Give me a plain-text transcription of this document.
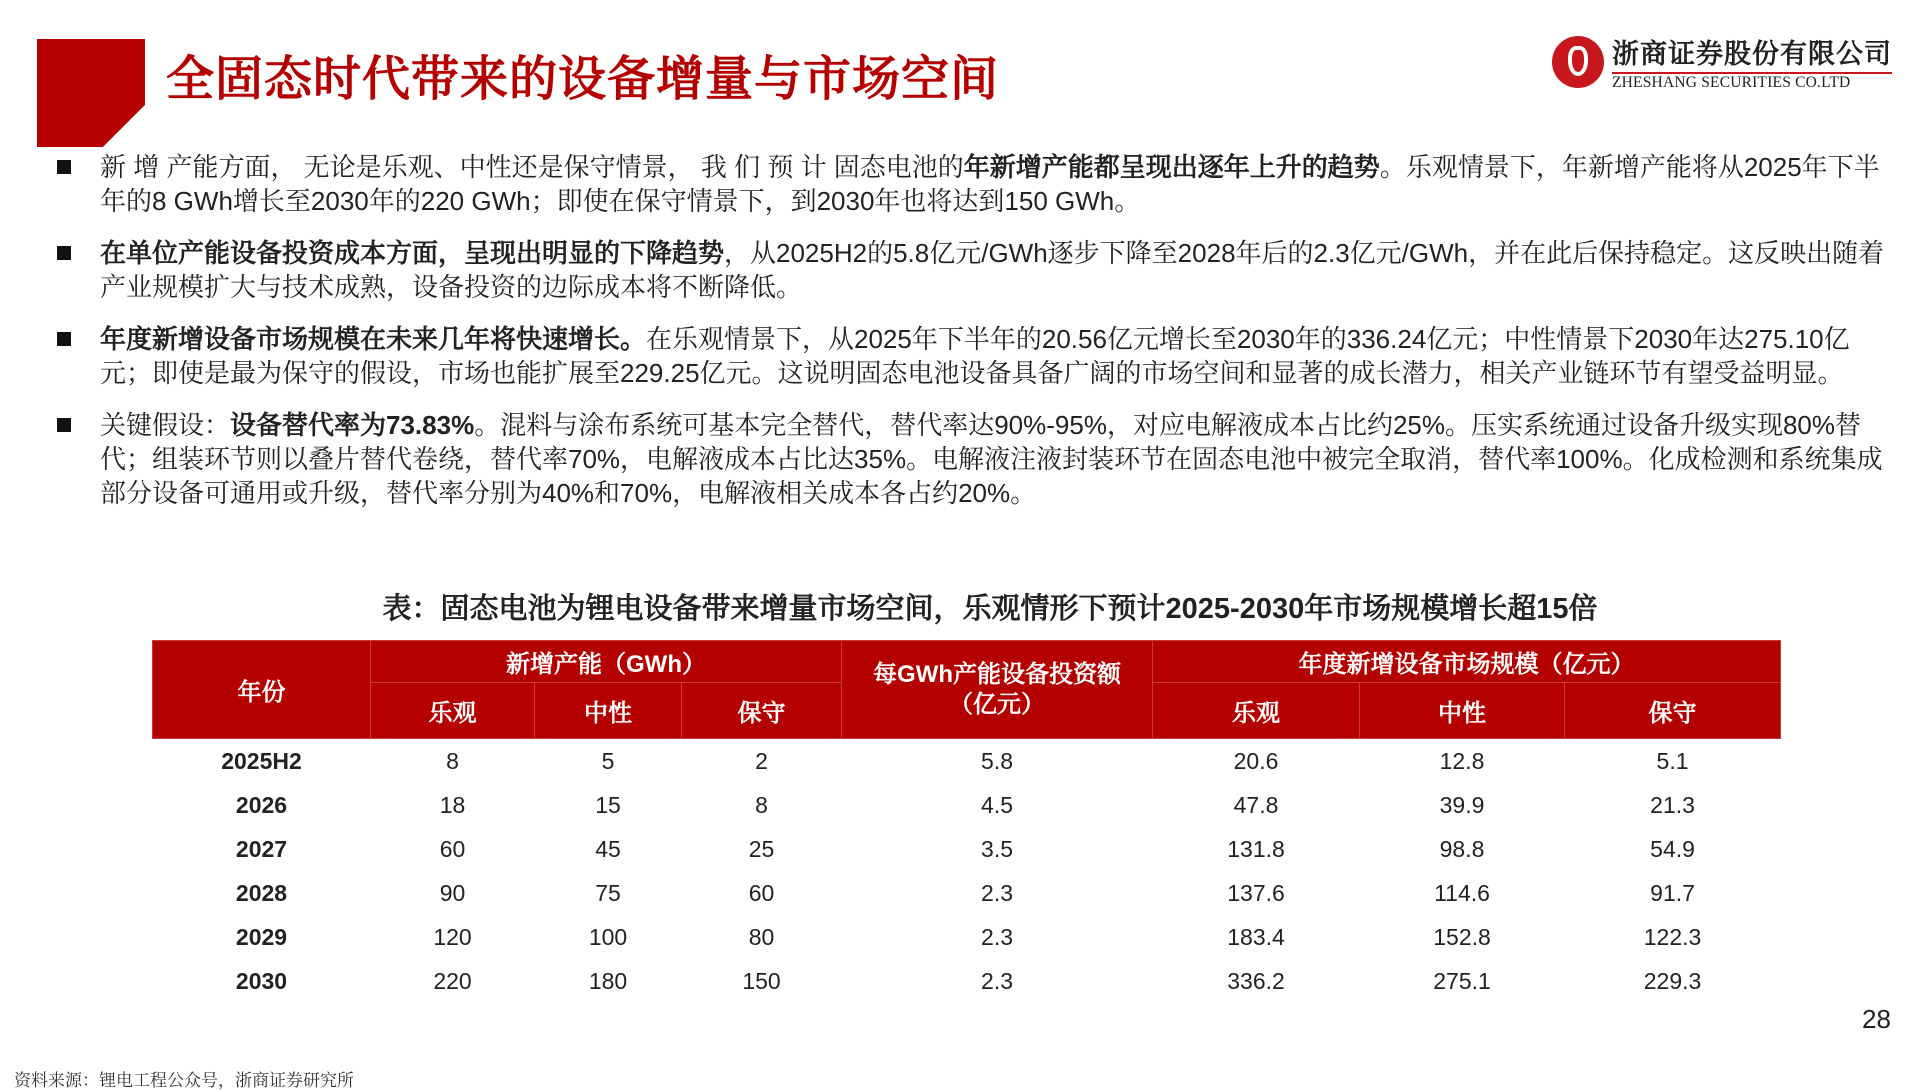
全固态时代带来的设备增量与市场空间	浙商证券股份有限公司
ZHESHANG SECURITIES CO.LTD
新 增 产能方面， 无论是乐观、中性还是保守情景， 我 们 预 计 固态电池的年新增产能都呈现出逐年上升的趋势。乐观情景下，年新增产能将从2025年下半年的8 GWh增长至2030年的220 GWh；即使在保守情景下，到2030年也将达到150 GWh。
在单位产能设备投资成本方面，呈现出明显的下降趋势，从2025H2的5.8亿元/GWh逐步下降至2028年后的2.3亿元/GWh，并在此后保持稳定。这反映出随着产业规模扩大与技术成熟，设备投资的边际成本将不断降低。
年度新增设备市场规模在未来几年将快速增长。在乐观情景下，从2025年下半年的20.56亿元增长至2030年的336.24亿元；中性情景下2030年达275.10亿元；即使是最为保守的假设，市场也能扩展至229.25亿元。这说明固态电池设备具备广阔的市场空间和显著的成长潜力，相关产业链环节有望受益明显。
关键假设：设备替代率为73.83%。混料与涂布系统可基本完全替代，替代率达90%-95%，对应电解液成本占比约25%。压实系统通过设备升级实现80%替代；组装环节则以叠片替代卷绕，替代率70%，电解液成本占比达35%。电解液注液封装环节在固态电池中被完全取消，替代率100%。化成检测和系统集成部分设备可通用或升级，替代率分别为40%和70%，电解液相关成本各占约20%。
表：固态电池为锂电设备带来增量市场空间，乐观情形下预计2025-2030年市场规模增长超15倍
年份	新增产能（GWh）			每GWh产能设备投资额（亿元）	年度新增设备市场规模（亿元）		
	乐观	中性	保守		乐观	中性	保守
2025H2	8	5	2	5.8	20.6	12.8	5.1
2026	18	15	8	4.5	47.8	39.9	21.3
2027	60	45	25	3.5	131.8	98.8	54.9
2028	90	75	60	2.3	137.6	114.6	91.7
2029	120	100	80	2.3	183.4	152.8	122.3
2030	220	180	150	2.3	336.2	275.1	229.3
28
资料来源：锂电工程公众号，浙商证券研究所
